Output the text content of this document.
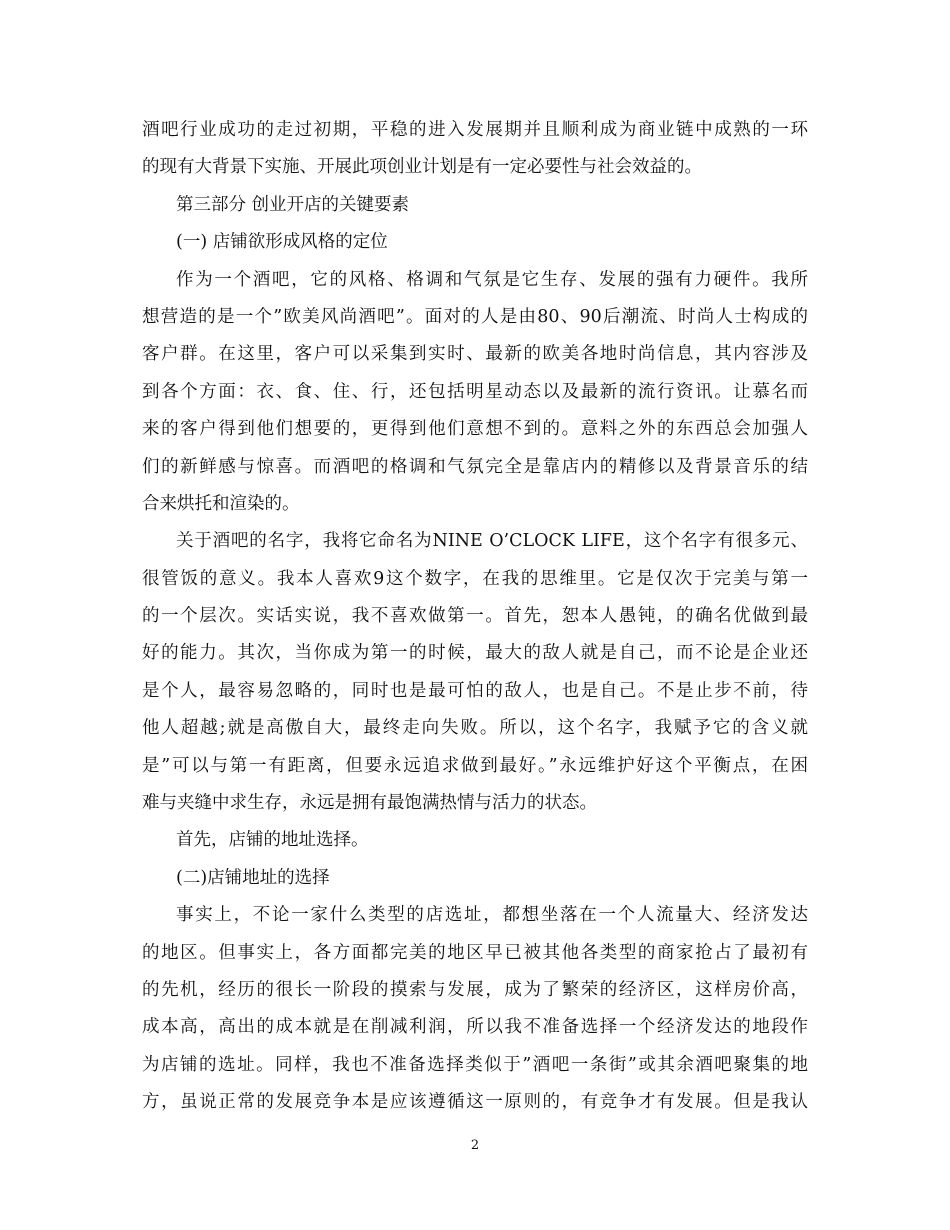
酒吧行业成功的走过初期，平稳的进入发展期并且顺利成为商业链中成熟的一环
的现有大背景下实施、开展此项创业计划是有一定必要性与社会效益的。
第三部分 创业开店的关键要素
(一) 店铺欲形成风格的定位
作为一个酒吧，它的风格、格调和气氛是它生存、发展的强有力硬件。我所
想营造的是一个”欧美风尚酒吧”。面对的人是由80、90后潮流、时尚人士构成的
客户群。在这里，客户可以采集到实时、最新的欧美各地时尚信息，其内容涉及
到各个方面：衣、食、住、行，还包括明星动态以及最新的流行资讯。让慕名而
来的客户得到他们想要的，更得到他们意想不到的。意料之外的东西总会加强人
们的新鲜感与惊喜。而酒吧的格调和气氛完全是靠店内的精修以及背景音乐的结
合来烘托和渲染的。
关于酒吧的名字，我将它命名为NINE O’CLOCK LIFE，这个名字有很多元、
很管饭的意义。我本人喜欢9这个数字，在我的思维里。它是仅次于完美与第一
的一个层次。实话实说，我不喜欢做第一。首先，恕本人愚钝，的确名优做到最
好的能力。其次，当你成为第一的时候，最大的敌人就是自己，而不论是企业还
是个人，最容易忽略的，同时也是最可怕的敌人，也是自己。不是止步不前，待
他人超越;就是高傲自大，最终走向失败。所以，这个名字，我赋予它的含义就
是”可以与第一有距离，但要永远追求做到最好。”永远维护好这个平衡点，在困
难与夹缝中求生存，永远是拥有最饱满热情与活力的状态。
首先，店铺的地址选择。
(二)店铺地址的选择
事实上，不论一家什么类型的店选址，都想坐落在一个人流量大、经济发达
的地区。但事实上，各方面都完美的地区早已被其他各类型的商家抢占了最初有
的先机，经历的很长一阶段的摸索与发展，成为了繁荣的经济区，这样房价高，
成本高，高出的成本就是在削减利润，所以我不准备选择一个经济发达的地段作
为店铺的选址。同样，我也不准备选择类似于”酒吧一条街”或其余酒吧聚集的地
方，虽说正常的发展竞争本是应该遵循这一原则的，有竞争才有发展。但是我认
2
